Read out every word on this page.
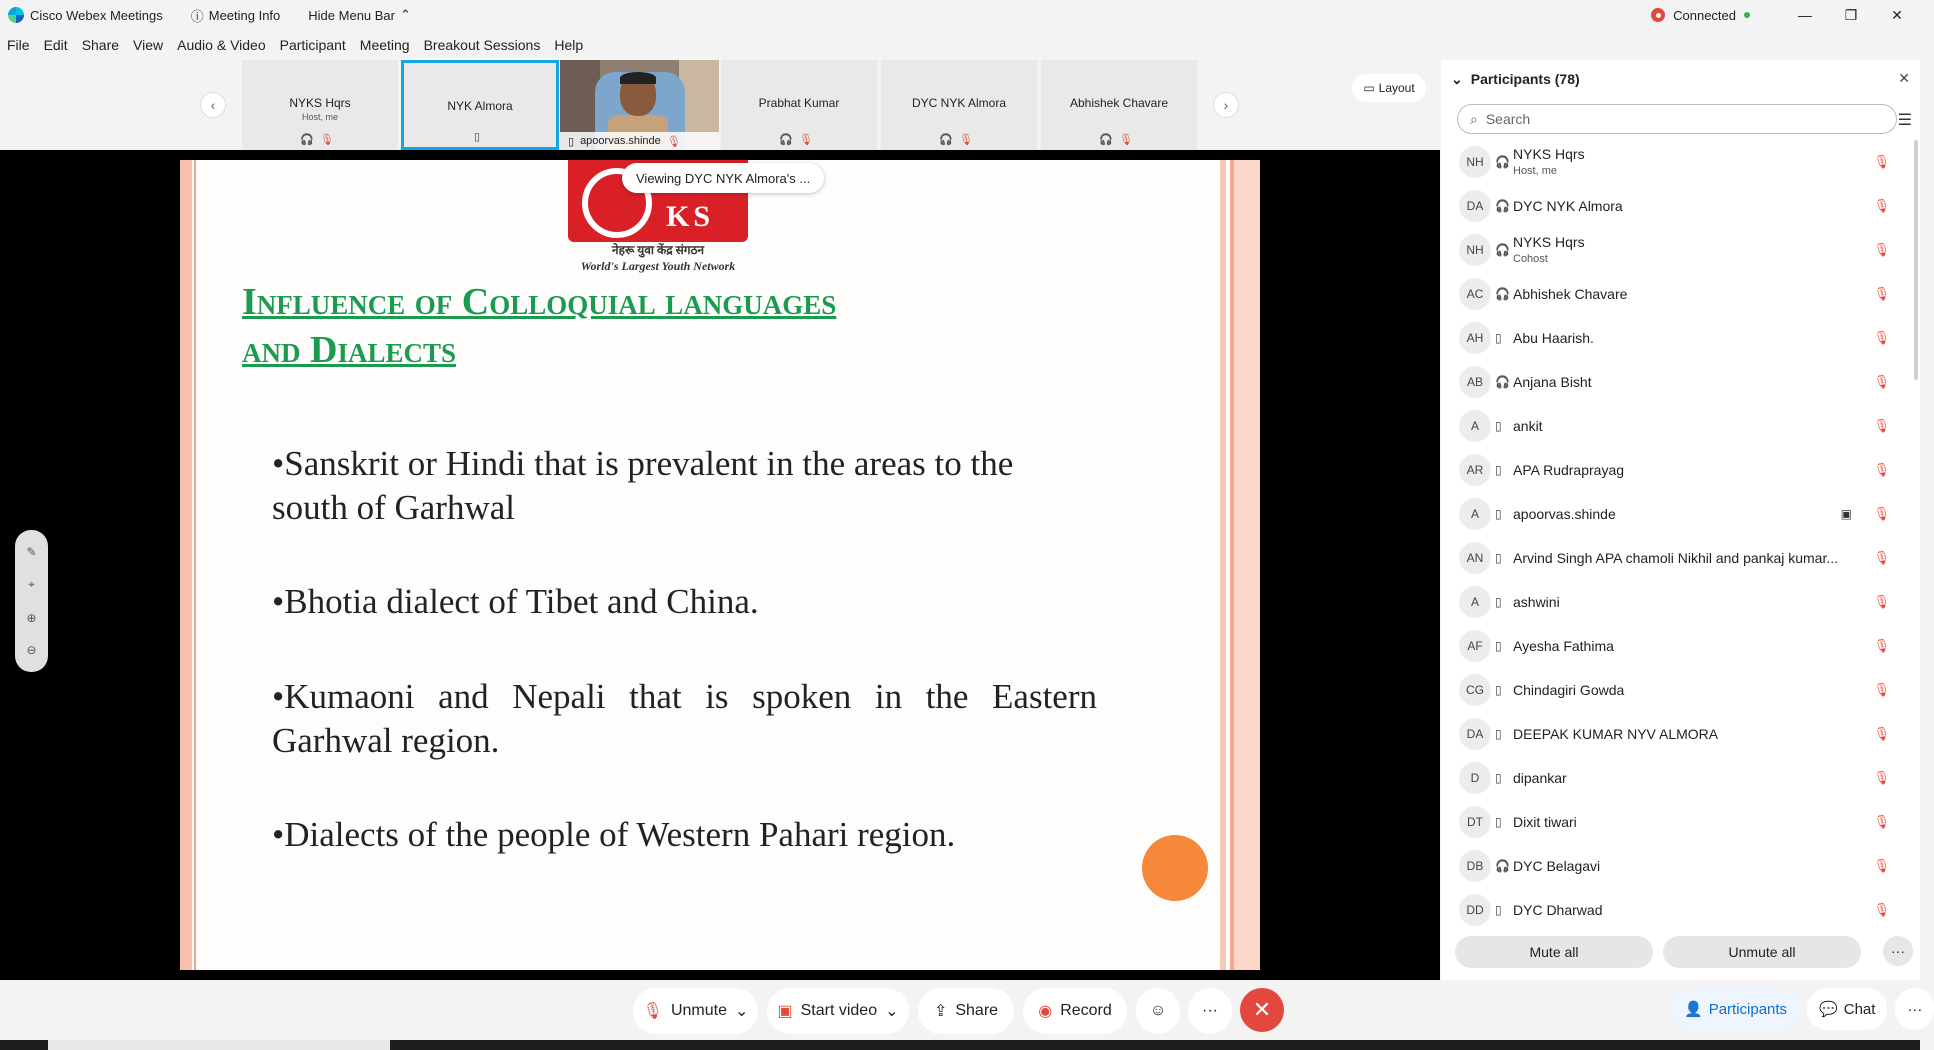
Cisco Webex Meetings ⓘ Meeting Info Hide Menu Bar ⌃	Connected	—	❐	✕
File Edit Share View Audio & Video Participant Meeting Breakout Sessions Help
‹	NYKS Hqrs
Host, me
🎧🎙
NYK Almora
▯	▯ apoorvas.shinde 🎙
Prabhat Kumar
🎧🎙
DYC NYK Almora
🎧🎙
Abhishek Chavare
🎧🎙
›
▭ Layout
KS
नेहरू युवा केंद्र संगठन
World's Largest Youth Network
Influence of Colloquial languages
and Dialects
•Sanskrit or Hindi that is prevalent in the areas to the south of Garhwal
•Bhotia dialect of Tibet and China.
•Kumaoni and Nepali that is spoken in the Eastern Garhwal region.
•Dialects of the people of Western Pahari region.
Viewing DYC NYK Almora's ...
✎
⌖
⊕
⊖
🎙 Unmute ⌄ ▣ Start video ⌄ ⇪ Share	◉ Record ☺ ··· ✕
⌄ Participants (78)	✕
⌕ Search	☰
NH 🎧 NYKS Hqrs
Host, me
🎙
DA 🎧 DYC NYK Almora	🎙
NH 🎧 NYKS Hqrs
Cohost
🎙
AC 🎧 Abhishek Chavare	🎙
AH ▯ Abu Haarish.	🎙
AB	🎧 Anjana Bisht	🎙
A	▯ ankit	🎙
AR ▯ APA Rudraprayag	🎙
A	▯ apoorvas.shinde	▣ 🎙
AN ▯ Arvind Singh APA chamoli Nikhil and pankaj kumar...	🎙
A	▯ ashwini	🎙
AF	▯ Ayesha Fathima	🎙
CG ▯ Chindagiri Gowda	🎙
DA ▯ DEEPAK KUMAR NYV ALMORA	🎙
D	▯ dipankar	🎙
DT	▯ Dixit tiwari	🎙
DB 🎧 DYC Belagavi	🎙
DD ▯ DYC Dharwad	🎙
Mute all	Unmute all	···
👤 Participants 💬 Chat ···
